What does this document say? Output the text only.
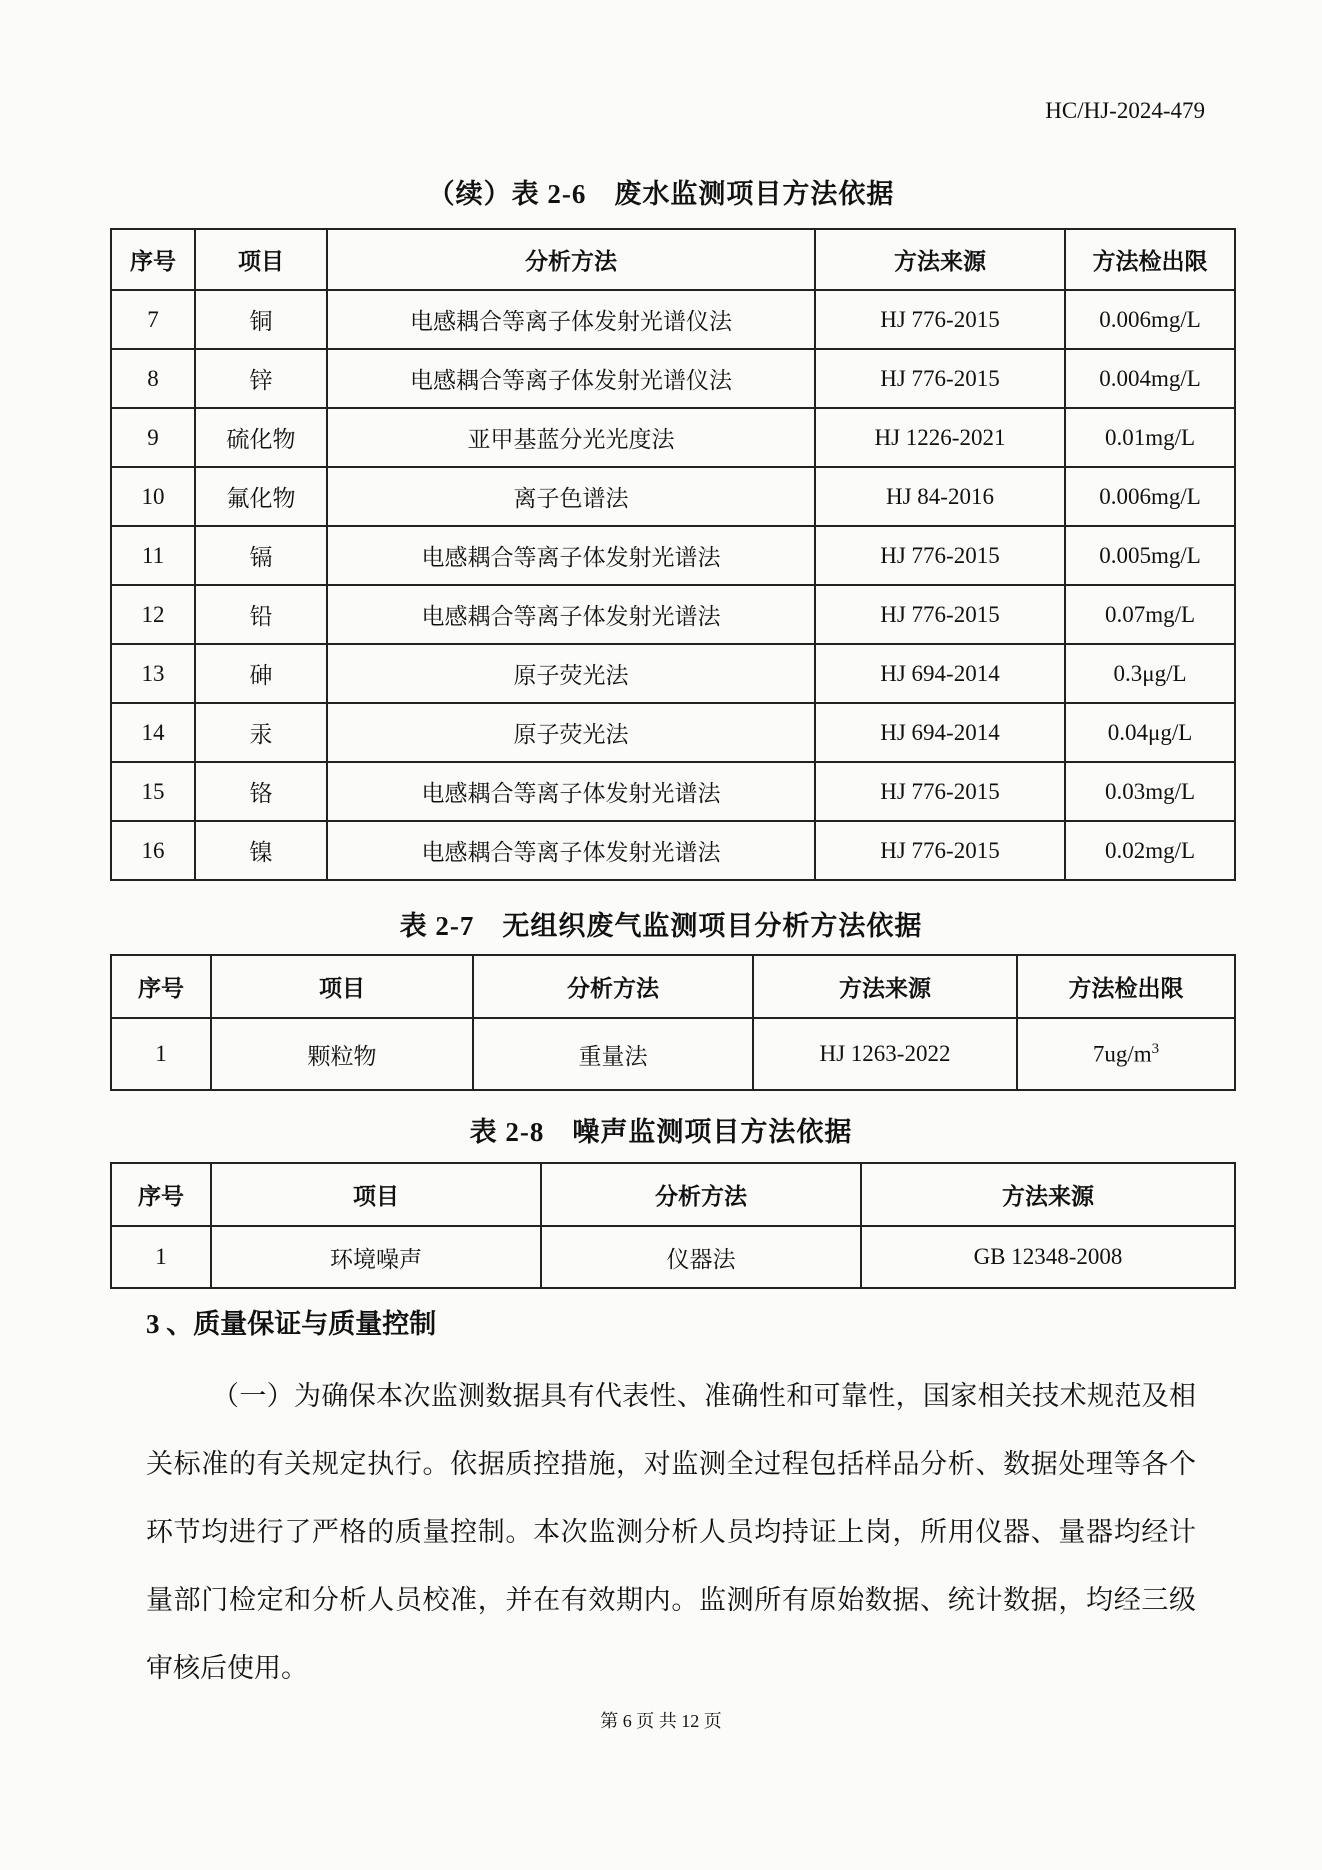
HC/HJ-2024-479
（续）表 2-6　废水监测项目方法依据
序号	项目	分析方法	方法来源	方法检出限
7	铜	电感耦合等离子体发射光谱仪法	HJ 776-2015	0.006mg/L
8	锌	电感耦合等离子体发射光谱仪法	HJ 776-2015	0.004mg/L
9	硫化物	亚甲基蓝分光光度法	HJ 1226-2021	0.01mg/L
10	氟化物	离子色谱法	HJ 84-2016	0.006mg/L
11	镉	电感耦合等离子体发射光谱法	HJ 776-2015	0.005mg/L
12	铅	电感耦合等离子体发射光谱法	HJ 776-2015	0.07mg/L
13	砷	原子荧光法	HJ 694-2014	0.3μg/L
14	汞	原子荧光法	HJ 694-2014	0.04μg/L
15	铬	电感耦合等离子体发射光谱法	HJ 776-2015	0.03mg/L
16	镍	电感耦合等离子体发射光谱法	HJ 776-2015	0.02mg/L
表 2-7　无组织废气监测项目分析方法依据
序号	项目	分析方法	方法来源	方法检出限
1	颗粒物	重量法	HJ 1263-2022	$7ug/m^3$
表 2-8　噪声监测项目方法依据
序号	项目	分析方法	方法来源
1	环境噪声	仪器法	GB 12348-2008
3 、质量保证与质量控制
（一）为确保本次监测数据具有代表性、准确性和可靠性，国家相关技术规范及相关标准的有关规定执行。依据质控措施，对监测全过程包括样品分析、数据处理等各个环节均进行了严格的质量控制。本次监测分析人员均持证上岗，所用仪器、量器均经计量部门检定和分析人员校准，并在有效期内。监测所有原始数据、统计数据，均经三级审核后使用。
第 6 页 共 12 页
